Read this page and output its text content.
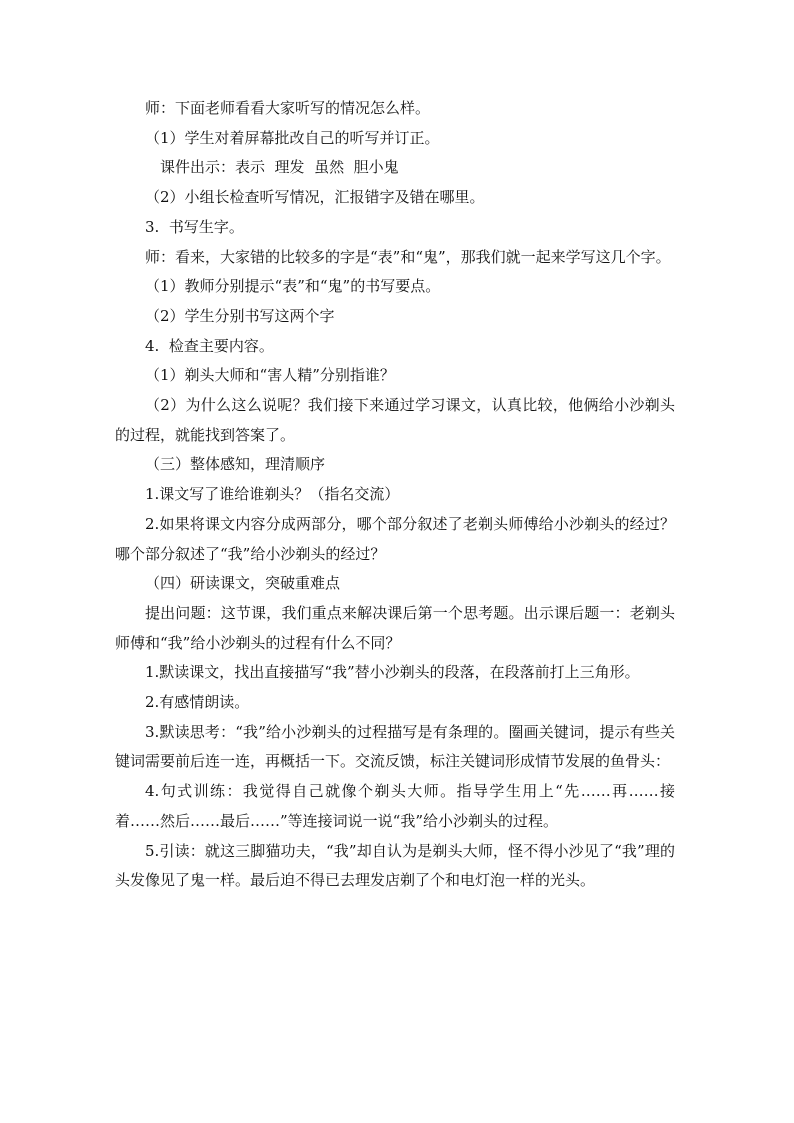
师：下面老师看看大家听写的情况怎么样。

（1）学生对着屏幕批改自己的听写并订正。

课件出示：表示  理发  虽然  胆小鬼

（2）小组长检查听写情况，汇报错字及错在哪里。

3.  书写生字。

师：看来，大家错的比较多的字是“表”和“鬼”，那我们就一起来学写这几个字。

（1）教师分别提示“表”和“鬼”的书写要点。

（2）学生分别书写这两个字

4.  检查主要内容。

（1）剃头大师和“害人精”分别指谁？

（2）为什么这么说呢？我们接下来通过学习课文，认真比较，他俩给小沙剃头的过程，就能找到答案了。

（三）整体感知，理清顺序

1.课文写了谁给谁剃头？（指名交流）

2.如果将课文内容分成两部分，哪个部分叙述了老剃头师傅给小沙剃头的经过？哪个部分叙述了“我”给小沙剃头的经过？

（四）研读课文，突破重难点

提出问题：这节课，我们重点来解决课后第一个思考题。出示课后题一：老剃头师傅和“我”给小沙剃头的过程有什么不同？

1.默读课文，找出直接描写“我”替小沙剃头的段落，在段落前打上三角形。

2.有感情朗读。

3.默读思考：“我”给小沙剃头的过程描写是有条理的。圈画关键词，提示有些关键词需要前后连一连，再概括一下。交流反馈，标注关键词形成情节发展的鱼骨头：

4.句式训练：我觉得自己就像个剃头大师。指导学生用上“先……再……接着……然后……最后……”等连接词说一说“我”给小沙剃头的过程。

5.引读：就这三脚猫功夫，“我”却自认为是剃头大师，怪不得小沙见了“我”理的头发像见了鬼一样。最后迫不得已去理发店剃了个和电灯泡一样的光头。
